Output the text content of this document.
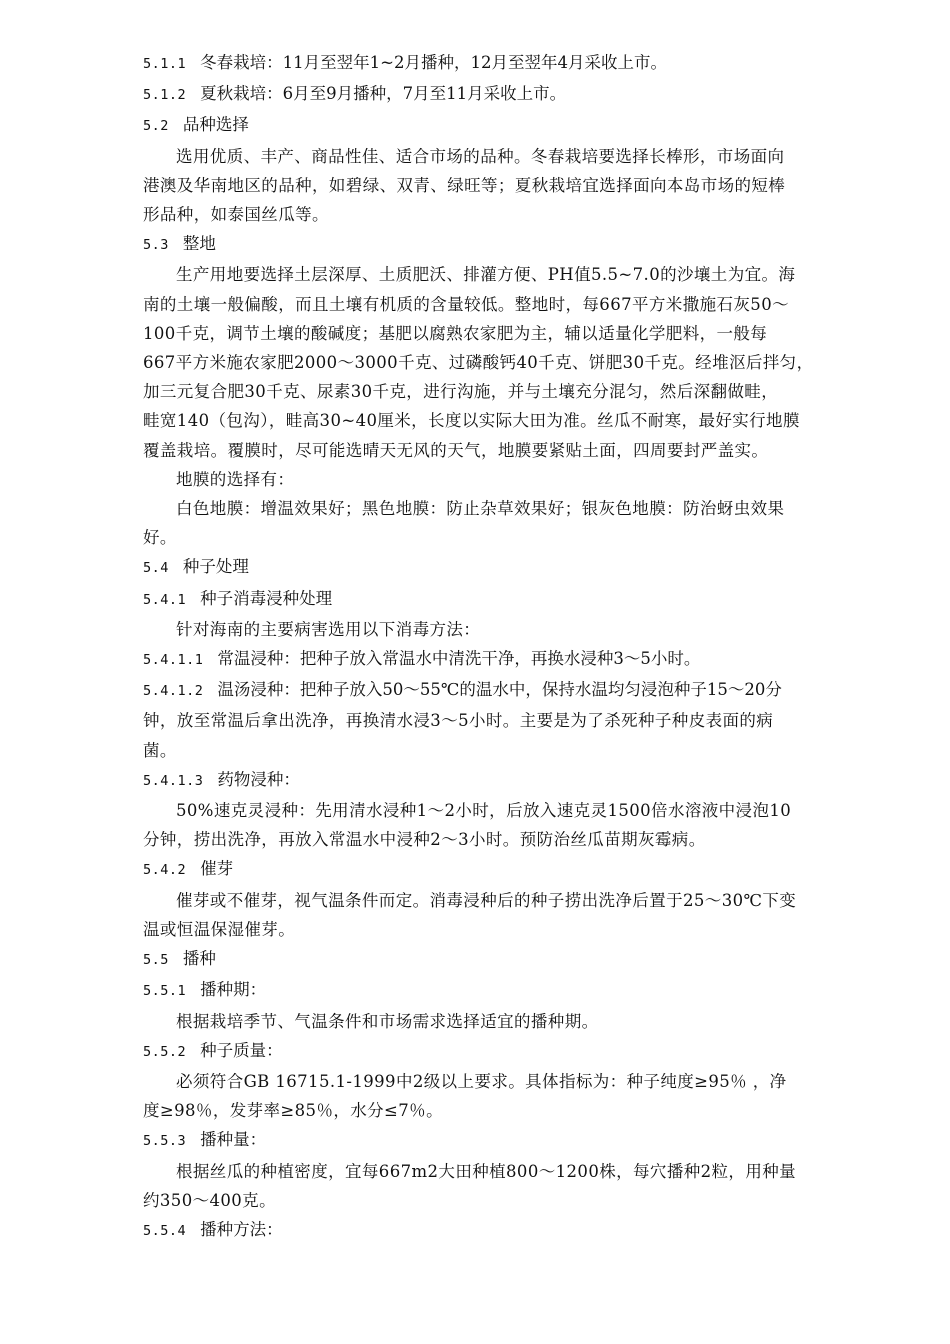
5.1.1 冬春栽培：11月至翌年1~2月播种，12月至翌年4月采收上市。

5.1.2 夏秋栽培：6月至9月播种，7月至11月采收上市。

5.2 品种选择

选用优质、丰产、商品性佳、适合市场的品种。冬春栽培要选择长棒形，市场面向

港澳及华南地区的品种，如碧绿、双青、绿旺等；夏秋栽培宜选择面向本岛市场的短棒

形品种，如泰国丝瓜等。

5.3 整地

生产用地要选择土层深厚、土质肥沃、排灌方便、PH值5.5~7.0的沙壤土为宜。海

南的土壤一般偏酸，而且土壤有机质的含量较低。整地时，每667平方米撒施石灰50～

100千克，调节土壤的酸碱度；基肥以腐熟农家肥为主，辅以适量化学肥料，一般每

667平方米施农家肥2000～3000千克、过磷酸钙40千克、饼肥30千克。经堆沤后拌匀，

加三元复合肥30千克、尿素30千克，进行沟施，并与土壤充分混匀，然后深翻做畦，

畦宽140（包沟），畦高30~40厘米，长度以实际大田为准。丝瓜不耐寒，最好实行地膜

覆盖栽培。覆膜时，尽可能选晴天无风的天气，地膜要紧贴土面，四周要封严盖实。

地膜的选择有：

白色地膜：增温效果好；黑色地膜：防止杂草效果好；银灰色地膜：防治蚜虫效果

好。

5.4 种子处理

5.4.1 种子消毒浸种处理

针对海南的主要病害选用以下消毒方法：

5.4.1.1 常温浸种：把种子放入常温水中清洗干净，再换水浸种3～5小时。

5.4.1.2 温汤浸种：把种子放入50～55℃的温水中，保持水温均匀浸泡种子15～20分

钟，放至常温后拿出洗净，再换清水浸3～5小时。主要是为了杀死种子种皮表面的病

菌。

5.4.1.3 药物浸种：

50%速克灵浸种：先用清水浸种1～2小时，后放入速克灵1500倍水溶液中浸泡10

分钟，捞出洗净，再放入常温水中浸种2～3小时。预防治丝瓜苗期灰霉病。

5.4.2 催芽

催芽或不催芽，视气温条件而定。消毒浸种后的种子捞出洗净后置于25～30℃下变

温或恒温保湿催芽。

5.5 播种

5.5.1 播种期：

根据栽培季节、气温条件和市场需求选择适宜的播种期。

5.5.2 种子质量：

必须符合GB 16715.1-1999中2级以上要求。具体指标为：种子纯度≥95％ ，净

度≥98％，发芽率≥85％，水分≤7％。

5.5.3 播种量：

根据丝瓜的种植密度，宜每667m2大田种植800～1200株，每穴播种2粒，用种量

约350～400克。

5.5.4 播种方法：
